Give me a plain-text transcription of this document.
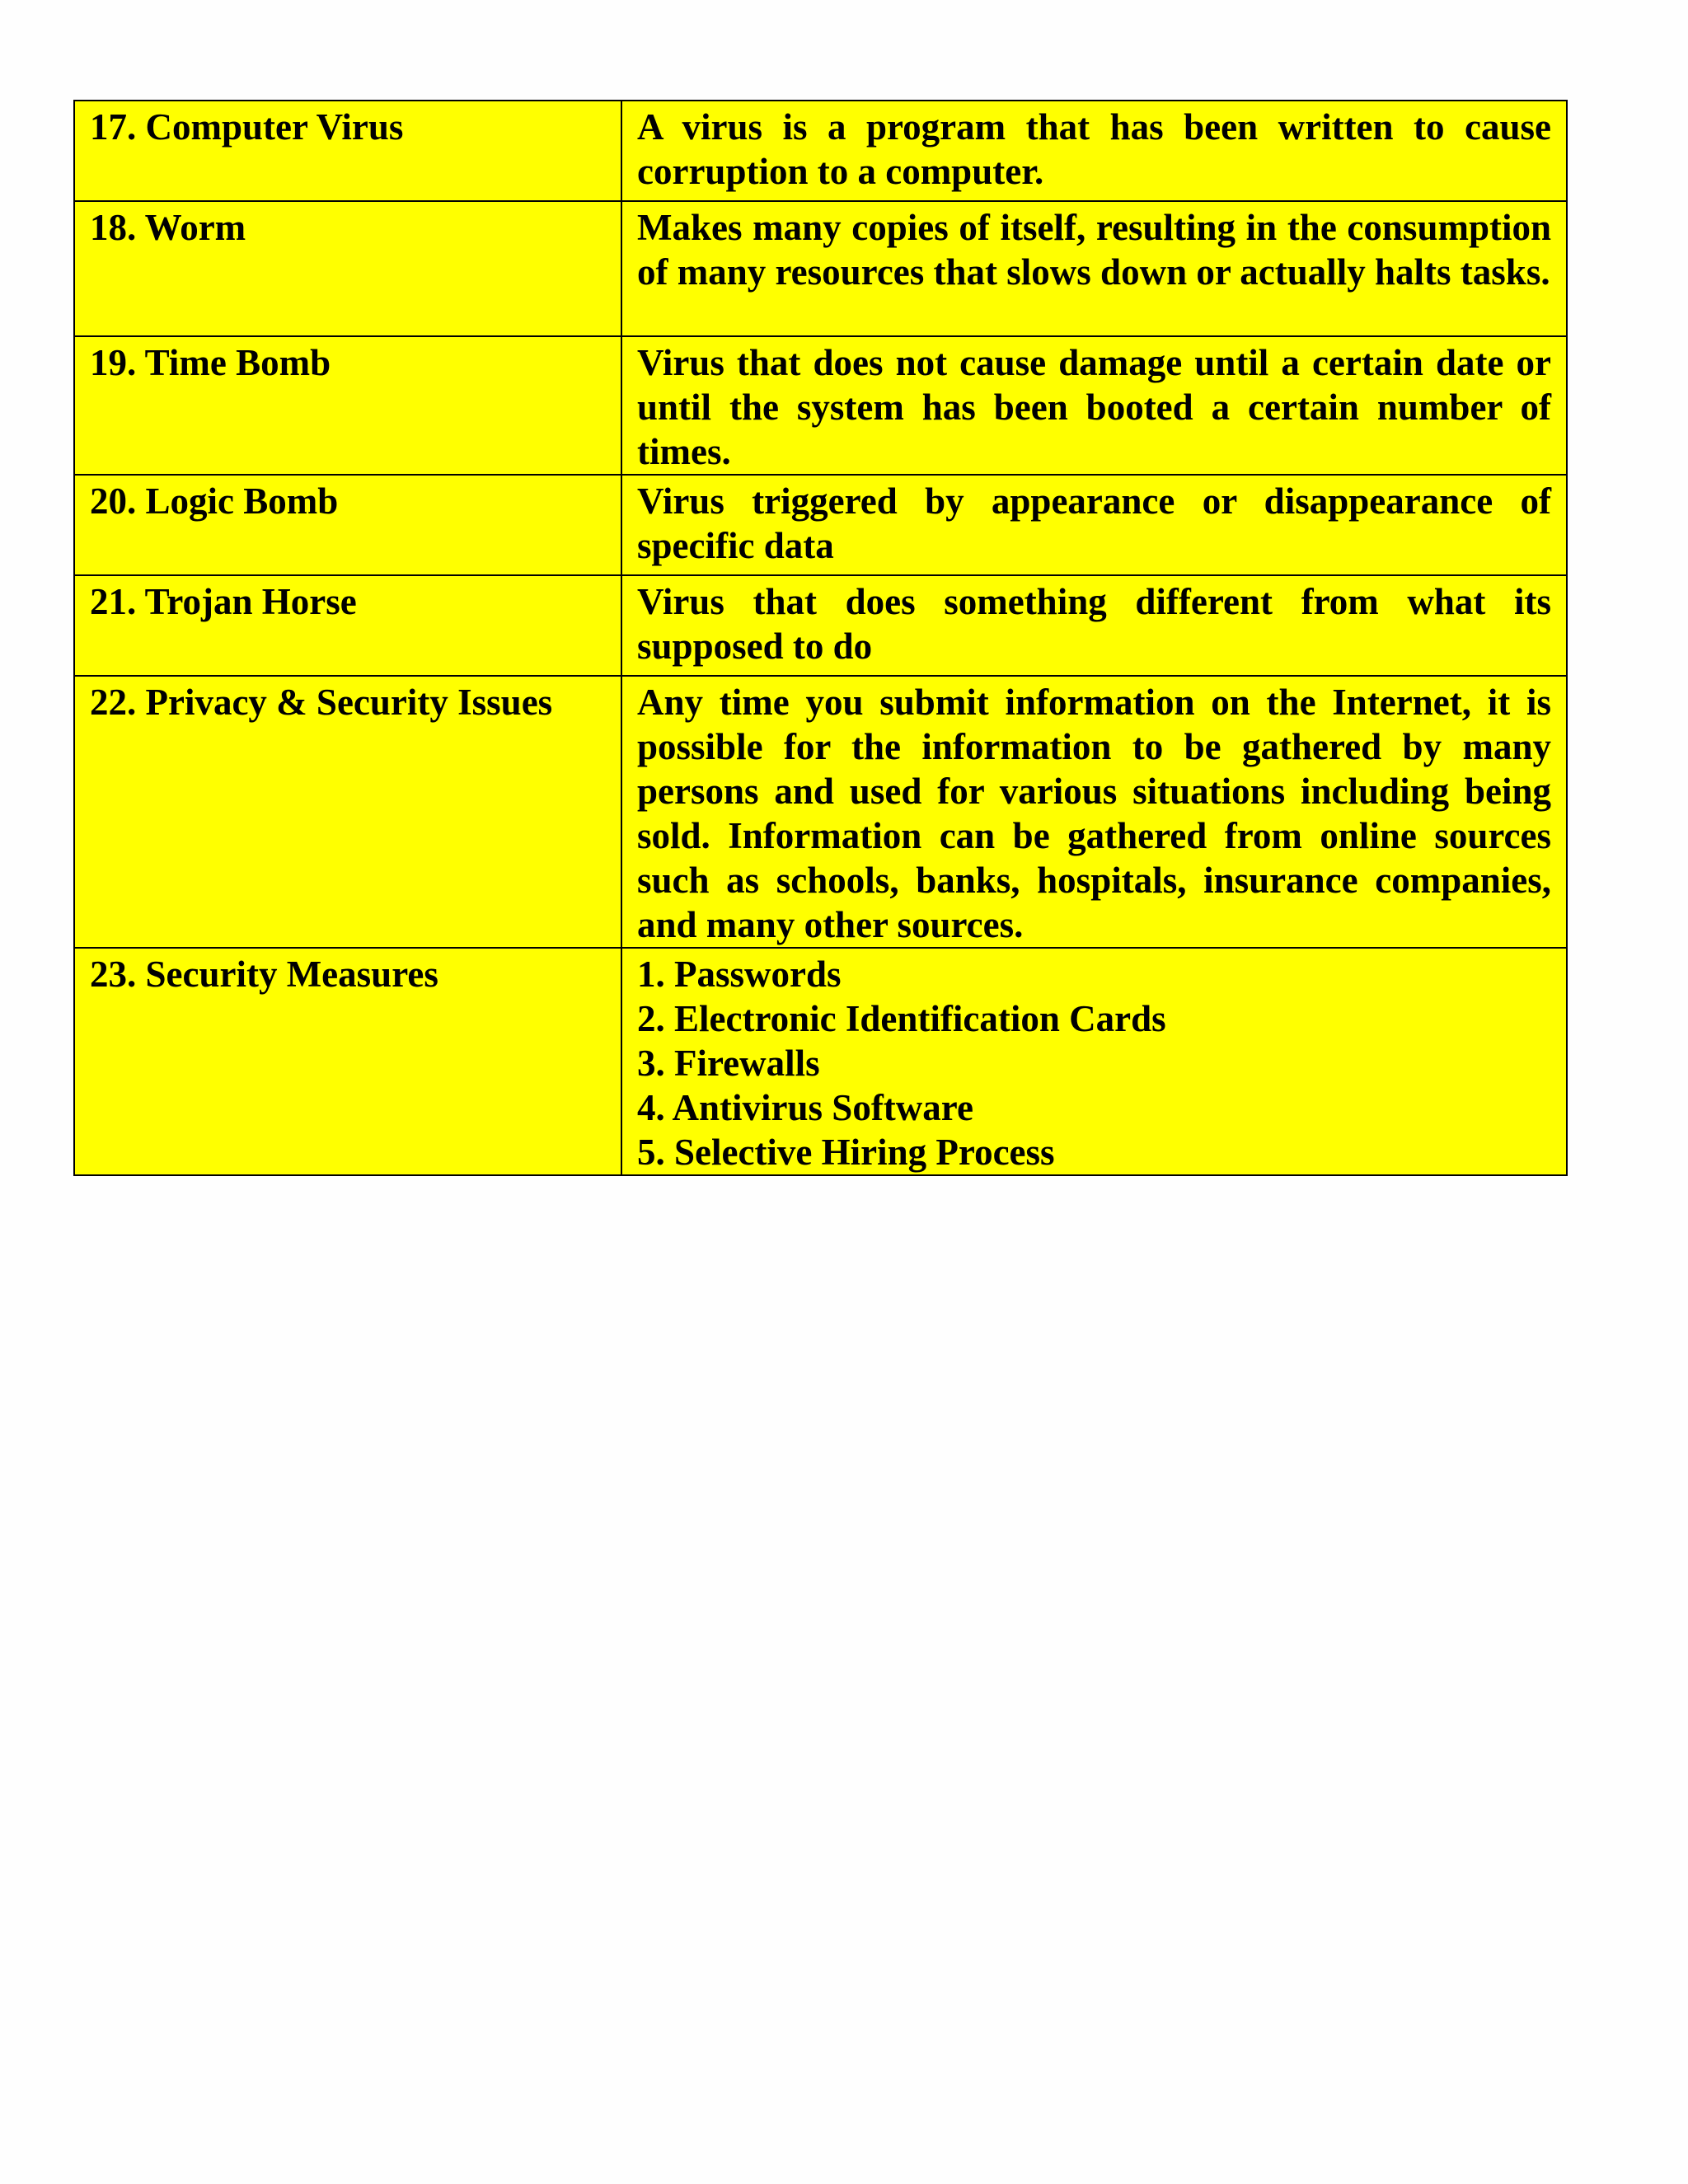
17. Computer Virus	A virus is a program that has been written to cause corruption to a computer.
18. Worm	Makes many copies of itself, resulting in the consumption of many resources that slows down or actually halts tasks.
19. Time Bomb	Virus that does not cause damage until a certain date or until the system has been booted a certain number of times.
20. Logic Bomb	Virus triggered by appearance or disappearance of specific data
21. Trojan Horse	Virus that does something different from what its supposed to do
22. Privacy & Security Issues	Any time you submit information on the Internet, it is possible for the information to be gathered by many persons and used for various situations including being sold. Information can be gathered from online sources such as schools, banks, hospitals, insurance companies, and many other sources.
23. Security Measures	1. Passwords
2. Electronic Identification Cards
3. Firewalls
4. Antivirus Software
5. Selective Hiring Process
